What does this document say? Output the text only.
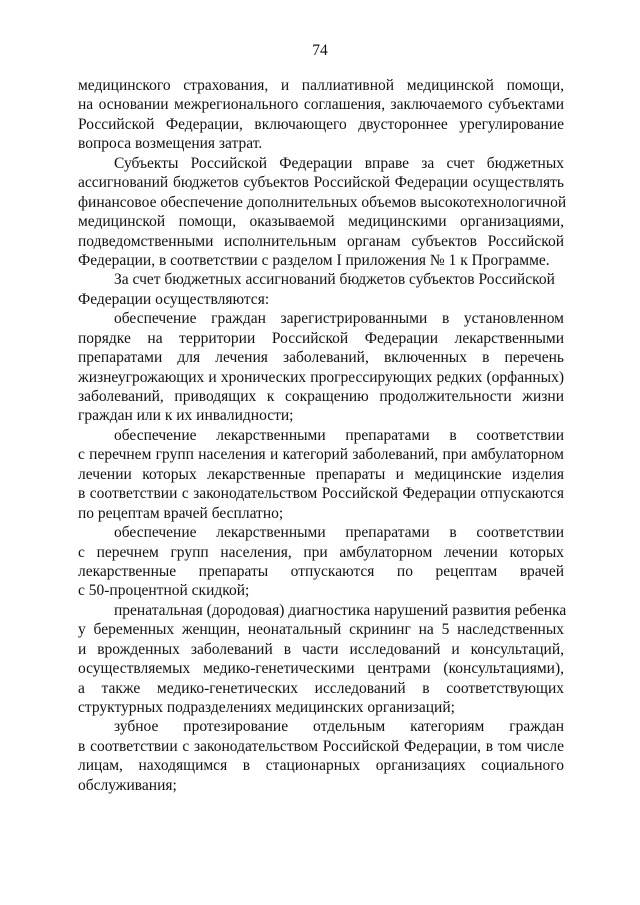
74
медицинского страхования, и паллиативной медицинской помощи,
на основании межрегионального соглашения, заключаемого субъектами
Российской Федерации, включающего двустороннее урегулирование
вопроса возмещения затрат.
Субъекты Российской Федерации вправе за счет бюджетных
ассигнований бюджетов субъектов Российской Федерации осуществлять
финансовое обеспечение дополнительных объемов высокотехнологичной
медицинской помощи, оказываемой медицинскими организациями,
подведомственными исполнительным органам субъектов Российской
Федерации, в соответствии с разделом I приложения № 1 к Программе.
За счет бюджетных ассигнований бюджетов субъектов Российской
Федерации осуществляются:
обеспечение граждан зарегистрированными в установленном
порядке на территории Российской Федерации лекарственными
препаратами для лечения заболеваний, включенных в перечень
жизнеугрожающих и хронических прогрессирующих редких (орфанных)
заболеваний, приводящих к сокращению продолжительности жизни
граждан или к их инвалидности;
обеспечение лекарственными препаратами в соответствии
с перечнем групп населения и категорий заболеваний, при амбулаторном
лечении которых лекарственные препараты и медицинские изделия
в соответствии с законодательством Российской Федерации отпускаются
по рецептам врачей бесплатно;
обеспечение лекарственными препаратами в соответствии
с перечнем групп населения, при амбулаторном лечении которых
лекарственные препараты отпускаются по рецептам врачей
с 50-процентной скидкой;
пренатальная (дородовая) диагностика нарушений развития ребенка
у беременных женщин, неонатальный скрининг на 5 наследственных
и врожденных заболеваний в части исследований и консультаций,
осуществляемых медико-генетическими центрами (консультациями),
а также медико-генетических исследований в соответствующих
структурных подразделениях медицинских организаций;
зубное протезирование отдельным категориям граждан
в соответствии с законодательством Российской Федерации, в том числе
лицам, находящимся в стационарных организациях социального
обслуживания;
